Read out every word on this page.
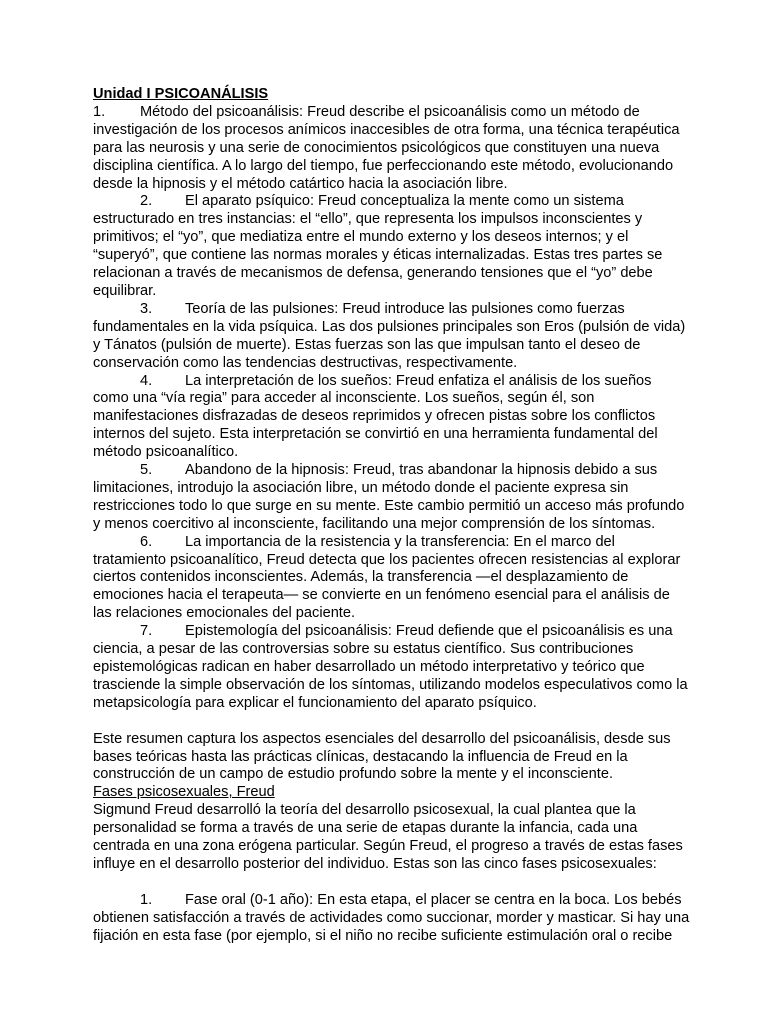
Unidad I PSICOANÁLISIS
1. Método del psicoanálisis: Freud describe el psicoanálisis como un método de
investigación de los procesos anímicos inaccesibles de otra forma, una técnica terapéutica
para las neurosis y una serie de conocimientos psicológicos que constituyen una nueva
disciplina científica. A lo largo del tiempo, fue perfeccionando este método, evolucionando
desde la hipnosis y el método catártico hacia la asociación libre.
2. El aparato psíquico: Freud conceptualiza la mente como un sistema
estructurado en tres instancias: el “ello”, que representa los impulsos inconscientes y
primitivos; el “yo”, que mediatiza entre el mundo externo y los deseos internos; y el
“superyó”, que contiene las normas morales y éticas internalizadas. Estas tres partes se
relacionan a través de mecanismos de defensa, generando tensiones que el “yo” debe
equilibrar.
3. Teoría de las pulsiones: Freud introduce las pulsiones como fuerzas
fundamentales en la vida psíquica. Las dos pulsiones principales son Eros (pulsión de vida)
y Tánatos (pulsión de muerte). Estas fuerzas son las que impulsan tanto el deseo de
conservación como las tendencias destructivas, respectivamente.
4. La interpretación de los sueños: Freud enfatiza el análisis de los sueños
como una “vía regia” para acceder al inconsciente. Los sueños, según él, son
manifestaciones disfrazadas de deseos reprimidos y ofrecen pistas sobre los conflictos
internos del sujeto. Esta interpretación se convirtió en una herramienta fundamental del
método psicoanalítico.
5. Abandono de la hipnosis: Freud, tras abandonar la hipnosis debido a sus
limitaciones, introdujo la asociación libre, un método donde el paciente expresa sin
restricciones todo lo que surge en su mente. Este cambio permitió un acceso más profundo
y menos coercitivo al inconsciente, facilitando una mejor comprensión de los síntomas.
6. La importancia de la resistencia y la transferencia: En el marco del
tratamiento psicoanalítico, Freud detecta que los pacientes ofrecen resistencias al explorar
ciertos contenidos inconscientes. Además, la transferencia —el desplazamiento de
emociones hacia el terapeuta— se convierte en un fenómeno esencial para el análisis de
las relaciones emocionales del paciente.
7. Epistemología del psicoanálisis: Freud defiende que el psicoanálisis es una
ciencia, a pesar de las controversias sobre su estatus científico. Sus contribuciones
epistemológicas radican en haber desarrollado un método interpretativo y teórico que
trasciende la simple observación de los síntomas, utilizando modelos especulativos como la
metapsicología para explicar el funcionamiento del aparato psíquico.
Este resumen captura los aspectos esenciales del desarrollo del psicoanálisis, desde sus
bases teóricas hasta las prácticas clínicas, destacando la influencia de Freud en la
construcción de un campo de estudio profundo sobre la mente y el inconsciente.
Fases psicosexuales, Freud
Sigmund Freud desarrolló la teoría del desarrollo psicosexual, la cual plantea que la
personalidad se forma a través de una serie de etapas durante la infancia, cada una
centrada en una zona erógena particular. Según Freud, el progreso a través de estas fases
influye en el desarrollo posterior del individuo. Estas son las cinco fases psicosexuales:
1. Fase oral (0-1 año): En esta etapa, el placer se centra en la boca. Los bebés
obtienen satisfacción a través de actividades como succionar, morder y masticar. Si hay una
fijación en esta fase (por ejemplo, si el niño no recibe suficiente estimulación oral o recibe
